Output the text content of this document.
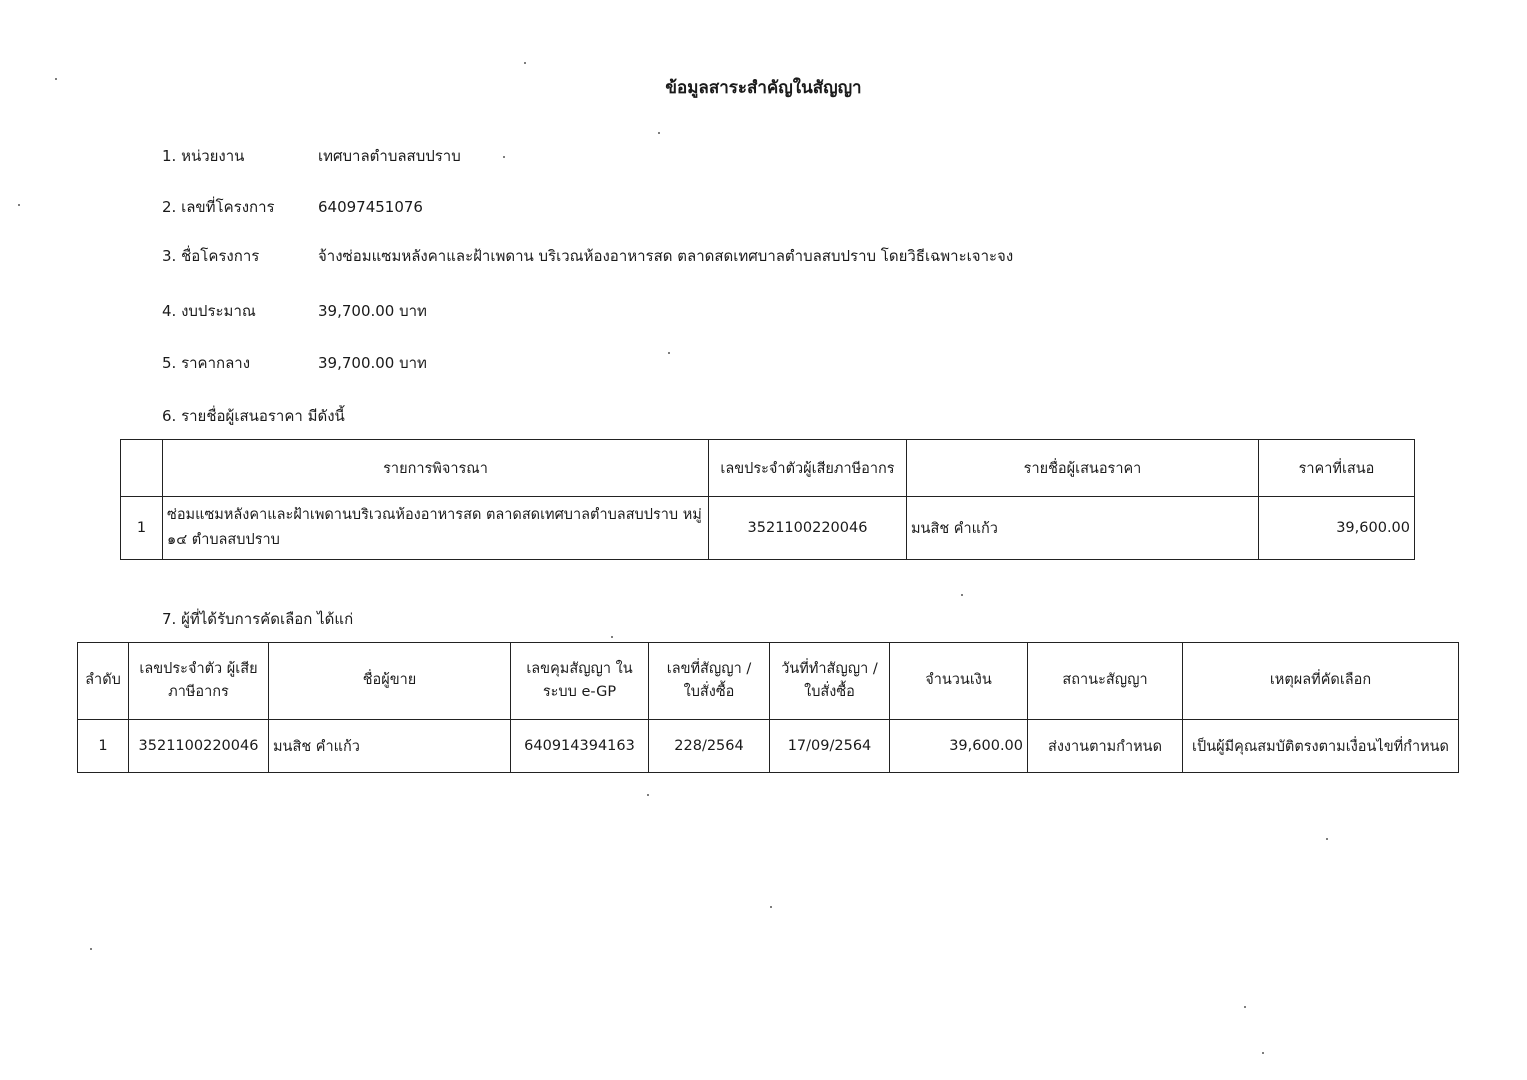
ข้อมูลสาระสำคัญในสัญญา
1. หน่วยงาน	เทศบาลตำบลสบปราบ
2. เลขที่โครงการ	64097451076
3. ชื่อโครงการ	จ้างซ่อมแซมหลังคาและฝ้าเพดาน บริเวณห้องอาหารสด ตลาดสดเทศบาลตำบลสบปราบ โดยวิธีเฉพาะเจาะจง
4. งบประมาณ	39,700.00 บาท
5. ราคากลาง	39,700.00 บาท
6. รายชื่อผู้เสนอราคา มีดังนี้
	รายการพิจารณา	เลขประจำตัวผู้เสียภาษีอากร	รายชื่อผู้เสนอราคา	ราคาที่เสนอ
1	ซ่อมแซมหลังคาและฝ้าเพดานบริเวณห้องอาหารสด ตลาดสดเทศบาลตำบลสบปราบ หมู่ ๑๔ ตำบลสบปราบ	3521100220046	มนสิช คำแก้ว	39,600.00
7. ผู้ที่ได้รับการคัดเลือก ได้แก่
ลำดับ	เลขประจำตัว ผู้เสียภาษีอากร	ชื่อผู้ขาย	เลขคุมสัญญา ในระบบ e-GP	เลขที่สัญญา / ใบสั่งซื้อ	วันที่ทำสัญญา / ใบสั่งซื้อ	จำนวนเงิน	สถานะสัญญา	เหตุผลที่คัดเลือก
1	3521100220046	มนสิช คำแก้ว	640914394163	228/2564	17/09/2564	39,600.00	ส่งงานตามกำหนด	เป็นผู้มีคุณสมบัติตรงตามเงื่อนไขที่กำหนด
